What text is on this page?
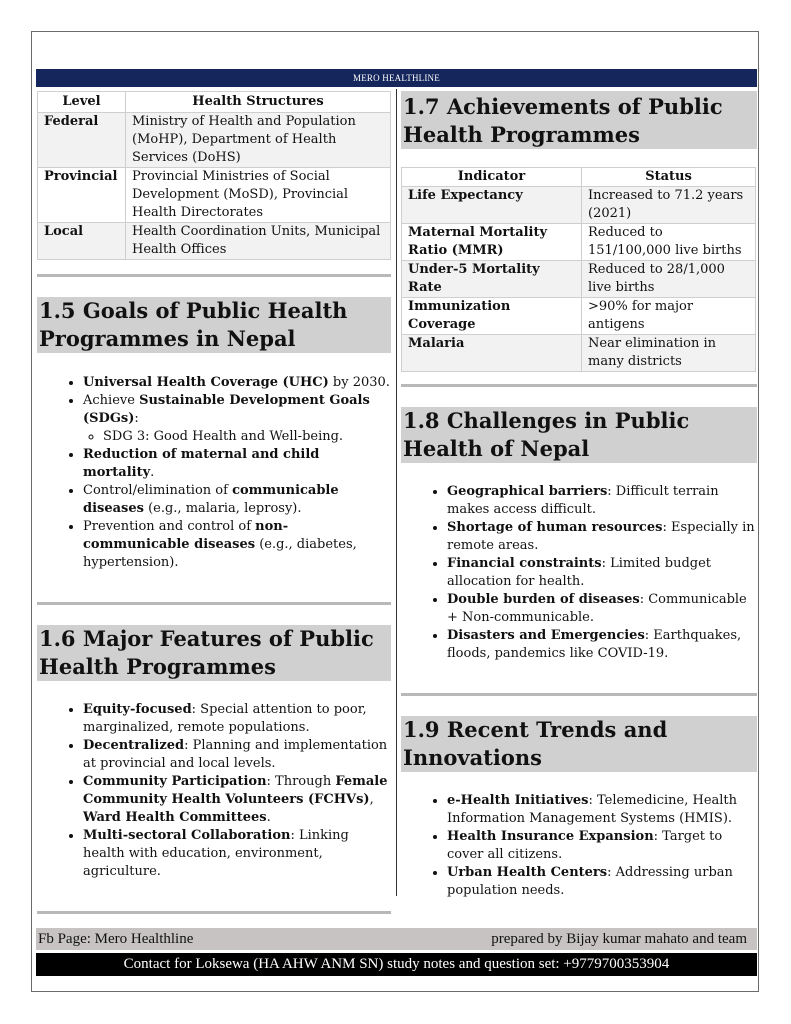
MERO HEALTHLINE
Level	Health Structures
Federal	Ministry of Health and Population (MoHP), Department of Health Services (DoHS)
Provincial	Provincial Ministries of Social Development (MoSD), Provincial Health Directorates
Local	Health Coordination Units, Municipal Health Offices
1.5 Goals of Public Health Programmes in Nepal
• Universal Health Coverage (UHC) by 2030.
• Achieve Sustainable Development Goals (SDGs):
◦ SDG 3: Good Health and Well-being.
• Reduction of maternal and child mortality.
• Control/elimination of communicable diseases (e.g., malaria, leprosy).
• Prevention and control of non-communicable diseases (e.g., diabetes, hypertension).
1.6 Major Features of Public Health Programmes
• Equity-focused: Special attention to poor, marginalized, remote populations.
• Decentralized: Planning and implementation at provincial and local levels.
• Community Participation: Through Female Community Health Volunteers (FCHVs), Ward Health Committees.
• Multi-sectoral Collaboration: Linking health with education, environment, agriculture.
1.7 Achievements of Public Health Programmes
Indicator	Status
Life Expectancy	Increased to 71.2 years (2021)
Maternal Mortality Ratio (MMR)	Reduced to 151/100,000 live births
Under-5 Mortality Rate	Reduced to 28/1,000 live births
Immunization Coverage	>90% for major antigens
Malaria	Near elimination in many districts
1.8 Challenges in Public Health of Nepal
• Geographical barriers: Difficult terrain makes access difficult.
• Shortage of human resources: Especially in remote areas.
• Financial constraints: Limited budget allocation for health.
• Double burden of diseases: Communicable + Non-communicable.
• Disasters and Emergencies: Earthquakes, floods, pandemics like COVID-19.
1.9 Recent Trends and Innovations
• e-Health Initiatives: Telemedicine, Health Information Management Systems (HMIS).
• Health Insurance Expansion: Target to cover all citizens.
• Urban Health Centers: Addressing urban population needs.
Fb Page: Mero Healthline	prepared by Bijay kumar mahato and team
Contact for Loksewa (HA AHW ANM SN) study notes and question set: +9779700353904
